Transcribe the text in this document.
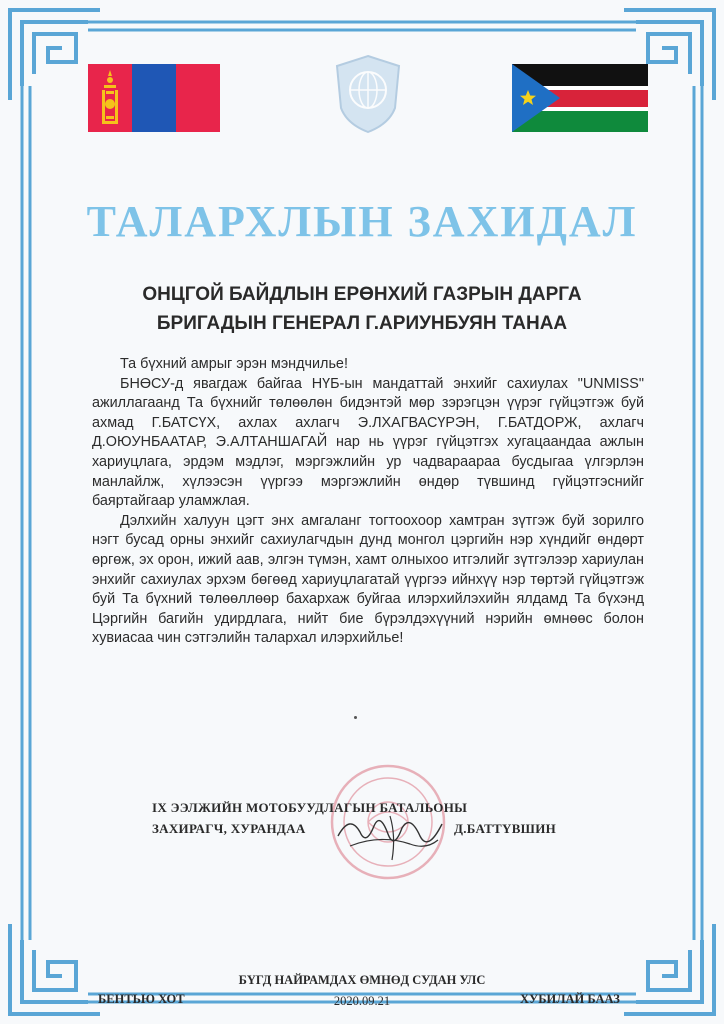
ТАЛАРХЛЫН ЗАХИДАЛ
ОНЦГОЙ БАЙДЛЫН ЕРӨНХИЙ ГАЗРЫН ДАРГА
БРИГАДЫН ГЕНЕРАЛ Г.АРИУНБУЯН ТАНАА

Та бүхний амрыг эрэн мэндчилье!

БНӨСУ-д явагдаж байгаа НҮБ-ын мандаттай энхийг сахиулах "UNMISS" ажиллагаанд Та бүхнийг төлөөлөн бидэнтэй мөр зэрэгцэн үүрэг гүйцэтгэж буй ахмад Г.БАТСҮХ, ахлах ахлагч Э.ЛХАГВАСҮРЭН, Г.БАТДОРЖ, ахлагч Д.ОЮУНБААТАР, Э.АЛТАНШАГАЙ нар нь үүрэг гүйцэтгэх хугацаандаа ажлын хариуцлага, эрдэм мэдлэг, мэргэжлийн ур чадвараараа бусдыгаа үлгэрлэн манлайлж, хүлээсэн үүргээ мэргэжлийн өндөр түвшинд гүйцэтгэснийг баяртайгаар уламжлая.

Дэлхийн халуун цэгт энх амгаланг тогтоохоор хамтран зүтгэж буй зорилго нэгт бусад орны энхийг сахиулагчдын дунд монгол цэргийн нэр хүндийг өндөрт өргөж, эх орон, ижий аав, элгэн түмэн, хамт олныхоо итгэлийг зүтгэлээр хариулан энхийг сахиулах эрхэм бөгөөд хариуцлагатай үүргээ ийнхүү нэр төртэй гүйцэтгэж буй Та бүхний төлөөллөөр бахархаж буйгаа илэрхийлэхийн ялдамд Та бүхэнд Цэргийн багийн удирдлага, нийт бие бүрэлдэхүүний нэрийн өмнөөс болон хувиасаа чин сэтгэлийн талархал илэрхийлье!

IX ЭЭЛЖИЙН МОТОБУУДЛАГЫН БАТАЛЬОНЫ
ЗАХИРАГЧ, ХУРАНДАА	Д.БАТТҮВШИН
БҮГД НАЙРАМДАХ ӨМНӨД СУДАН УЛС
БЕНТЬЮ ХОТ	2020.09.21	ХУБИЛАЙ БААЗ
